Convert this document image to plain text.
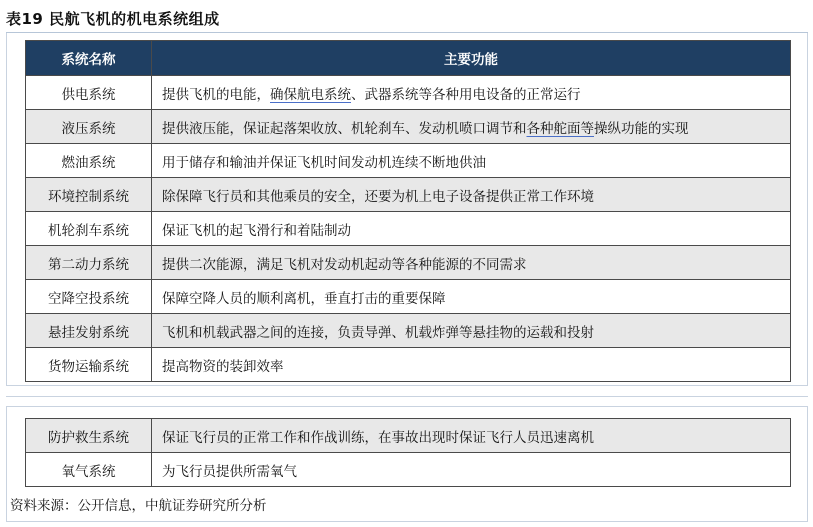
表19 民航飞机的机电系统组成
系统名称	主要功能
供电系统	提供飞机的电能，确保航电系统、武器系统等各种用电设备的正常运行
液压系统	提供液压能，保证起落架收放、机轮刹车、发动机喷口调节和各种舵面等操纵功能的实现
燃油系统	用于储存和输油并保证飞机时间发动机连续不断地供油
环境控制系统	除保障飞行员和其他乘员的安全，还要为机上电子设备提供正常工作环境
机轮刹车系统	保证飞机的起飞滑行和着陆制动
第二动力系统	提供二次能源，满足飞机对发动机起动等各种能源的不同需求
空降空投系统	保障空降人员的顺利离机，垂直打击的重要保障
悬挂发射系统	飞机和机载武器之间的连接，负责导弹、机载炸弹等悬挂物的运载和投射
货物运输系统	提高物资的装卸效率
防护救生系统	保证飞行员的正常工作和作战训练，在事故出现时保证飞行人员迅速离机
氧气系统	为飞行员提供所需氧气
资料来源：公开信息，中航证券研究所分析
